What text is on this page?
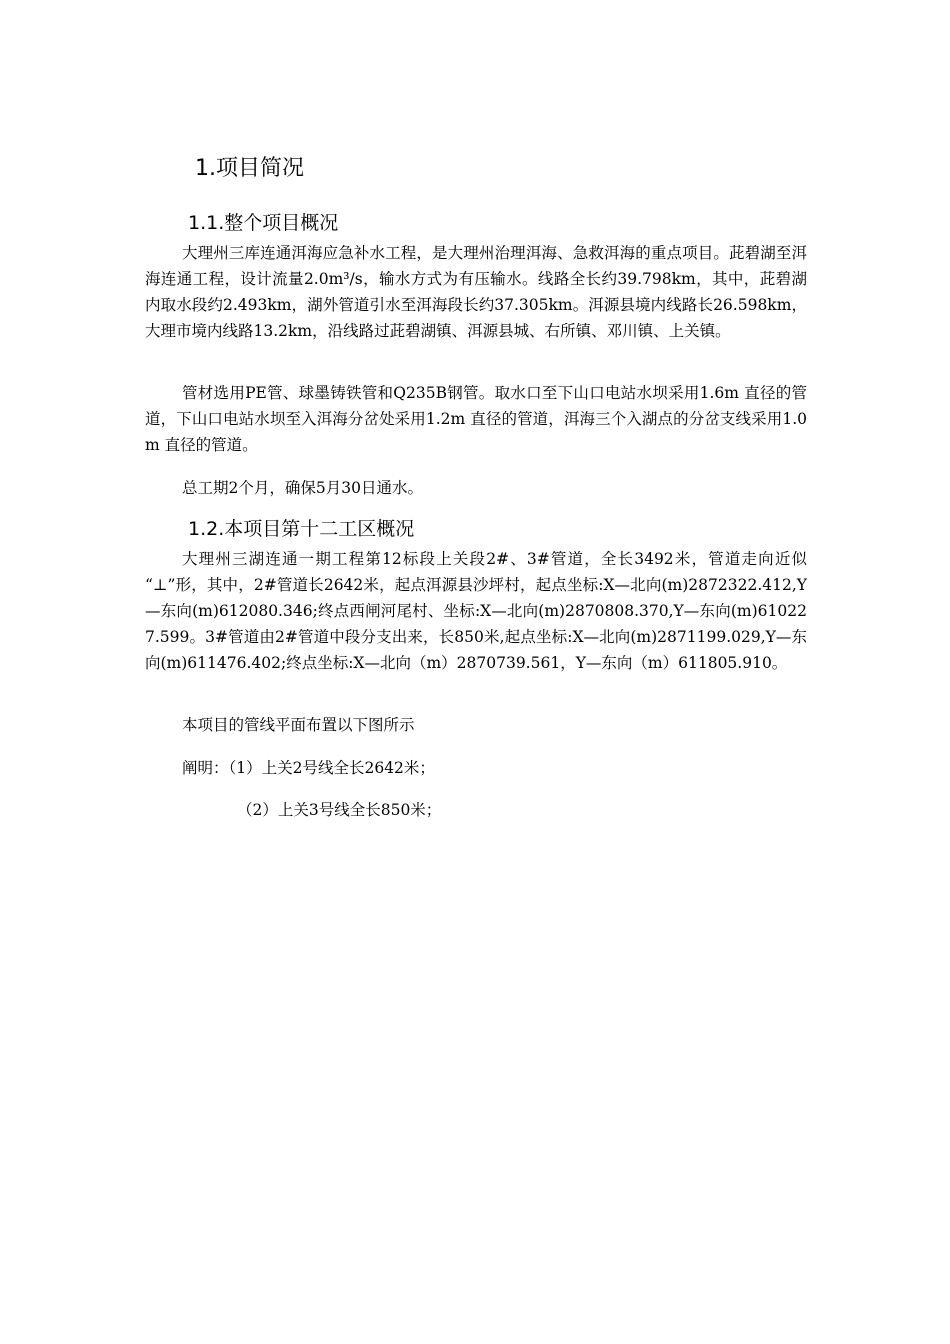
1.项目简况
1.1.整个项目概况

大理州三库连通洱海应急补水工程，是大理州治理洱海、急救洱海的重点项目。茈碧湖至洱海连通工程，设计流量2.0m³/s，输水方式为有压输水。线路全长约39.798km，其中，茈碧湖内取水段约2.493km，湖外管道引水至洱海段长约37.305km。洱源县境内线路长26.598km，大理市境内线路13.2km，沿线路过茈碧湖镇、洱源县城、右所镇、邓川镇、上关镇。

管材选用PE管、球墨铸铁管和Q235B钢管。取水口至下山口电站水坝采用1.6m 直径的管道，下山口电站水坝至入洱海分岔处采用1.2m 直径的管道，洱海三个入湖点的分岔支线采用1.0m 直径的管道。

总工期2个月，确保5月30日通水。

1.2.本项目第十二工区概况

大理州三湖连通一期工程第12标段上关段2#、3#管道，全长3492米，管道走向近似 “⊥”形，其中，2#管道长2642米，起点洱源县沙坪村，起点坐标:X—北向(m)2872322.412,Y—东向(m)612080.346;终点西闸河尾村、坐标:X—北向(m)2870808.370,Y—东向(m)610227.599。3#管道由2#管道中段分支出来，长850米,起点坐标:X—北向(m)2871199.029,Y—东向(m)611476.402;终点坐标:X—北向（m）2870739.561，Y—东向（m）611805.910。

本项目的管线平面布置以下图所示

阐明：（1）上关2号线全长2642米；

（2）上关3号线全长850米；
